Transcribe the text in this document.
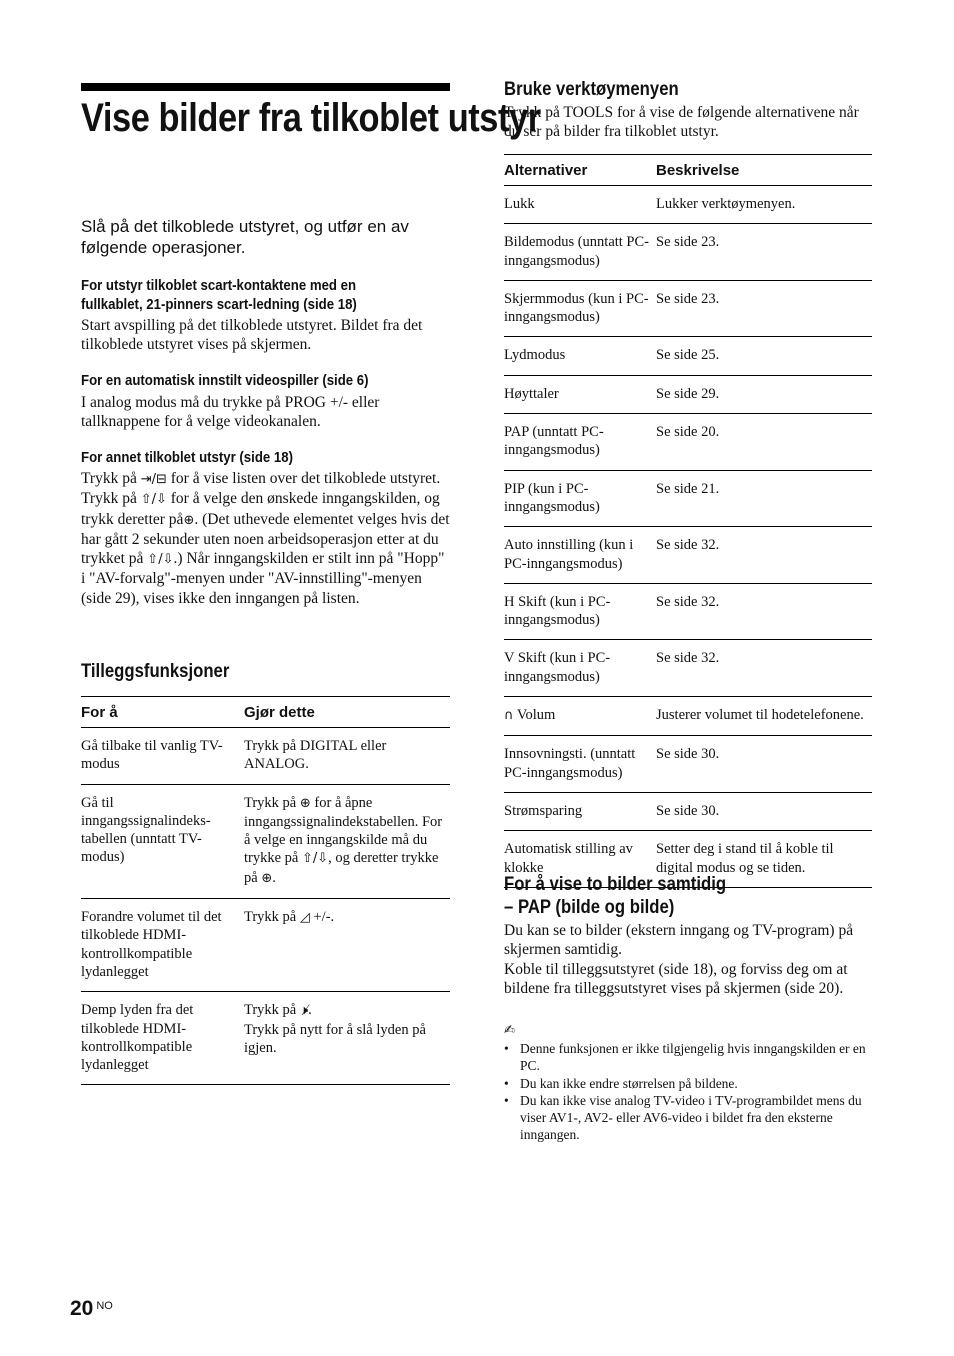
Vise bilder fra tilkoblet utstyr
Slå på det tilkoblede utstyret, og utfør en av følgende operasjoner.
For utstyr tilkoblet scart-kontaktene med en fullkablet, 21-pinners scart-ledning (side 18)
Start avspilling på det tilkoblede utstyret. Bildet fra det tilkoblede utstyret vises på skjermen.
For en automatisk innstilt videospiller (side 6)
I analog modus må du trykke på PROG +/- eller tallknappene for å velge videokanalen.
For annet tilkoblet utstyr (side 18)
Trykk på ⇥/⊟ for å vise listen over det tilkoblede utstyret. Trykk på ⇧/⇩ for å velge den ønskede inngangskilden, og trykk deretter på⊕. (Det uthevede elementet velges hvis det har gått 2 sekunder uten noen arbeidsoperasjon etter at du trykket på ⇧/⇩.) Når inngangskilden er stilt inn på "Hopp" i "AV-forvalg"-menyen under "AV-innstilling"-menyen (side 29), vises ikke den inngangen på listen.
Tilleggsfunksjoner
For å	Gjør dette
Gå tilbake til vanlig TV-modus	Trykk på DIGITAL eller ANALOG.
Gå til inngangssignalindeks-tabellen (unntatt TV-modus)	Trykk på ⊕ for å åpne inngangssignalindekstabellen. For å velge en inngangskilde må du trykke på ⇧/⇩, og deretter trykke på ⊕.
Forandre volumet til det tilkoblede HDMI-kontrollkompatible lydanlegget	Trykk på ◿ +/-.
Demp lyden fra det tilkoblede HDMI-kontrollkompatible lydanlegget	Trykk på 🕨̸.
Trykk på nytt for å slå lyden på igjen.
Bruke verktøymenyen
Trykk på TOOLS for å vise de følgende alternativene når du ser på bilder fra tilkoblet utstyr.
Alternativer	Beskrivelse
Lukk	Lukker verktøymenyen.
Bildemodus (unntatt PC-inngangsmodus)	Se side 23.
Skjermmodus (kun i PC-inngangsmodus)	Se side 23.
Lydmodus	Se side 25.
Høyttaler	Se side 29.
PAP (unntatt PC-inngangsmodus)	Se side 20.
PIP (kun i PC-inngangsmodus)	Se side 21.
Auto innstilling (kun i PC-inngangsmodus)	Se side 32.
H Skift (kun i PC-inngangsmodus)	Se side 32.
V Skift (kun i PC-inngangsmodus)	Se side 32.
∩ Volum	Justerer volumet til hodetelefonene.
Innsovningsti. (unntatt PC-inngangsmodus)	Se side 30.
Strømsparing	Se side 30.
Automatisk stilling av klokke	Setter deg i stand til å koble til digital modus og se tiden.
For å vise to bilder samtidig
– PAP (bilde og bilde)
Du kan se to bilder (ekstern inngang og TV-program) på skjermen samtidig.
Koble til tilleggsutstyret (side 18), og forviss deg om at bildene fra tilleggsutstyret vises på skjermen (side 20).
✍
• Denne funksjonen er ikke tilgjengelig hvis inngangskilden er en PC.
• Du kan ikke endre størrelsen på bildene.
• Du kan ikke vise analog TV-video i TV-programbildet mens du viser AV1-, AV2- eller AV6-video i bildet fra den eksterne inngangen.
20 $^{NO}$
